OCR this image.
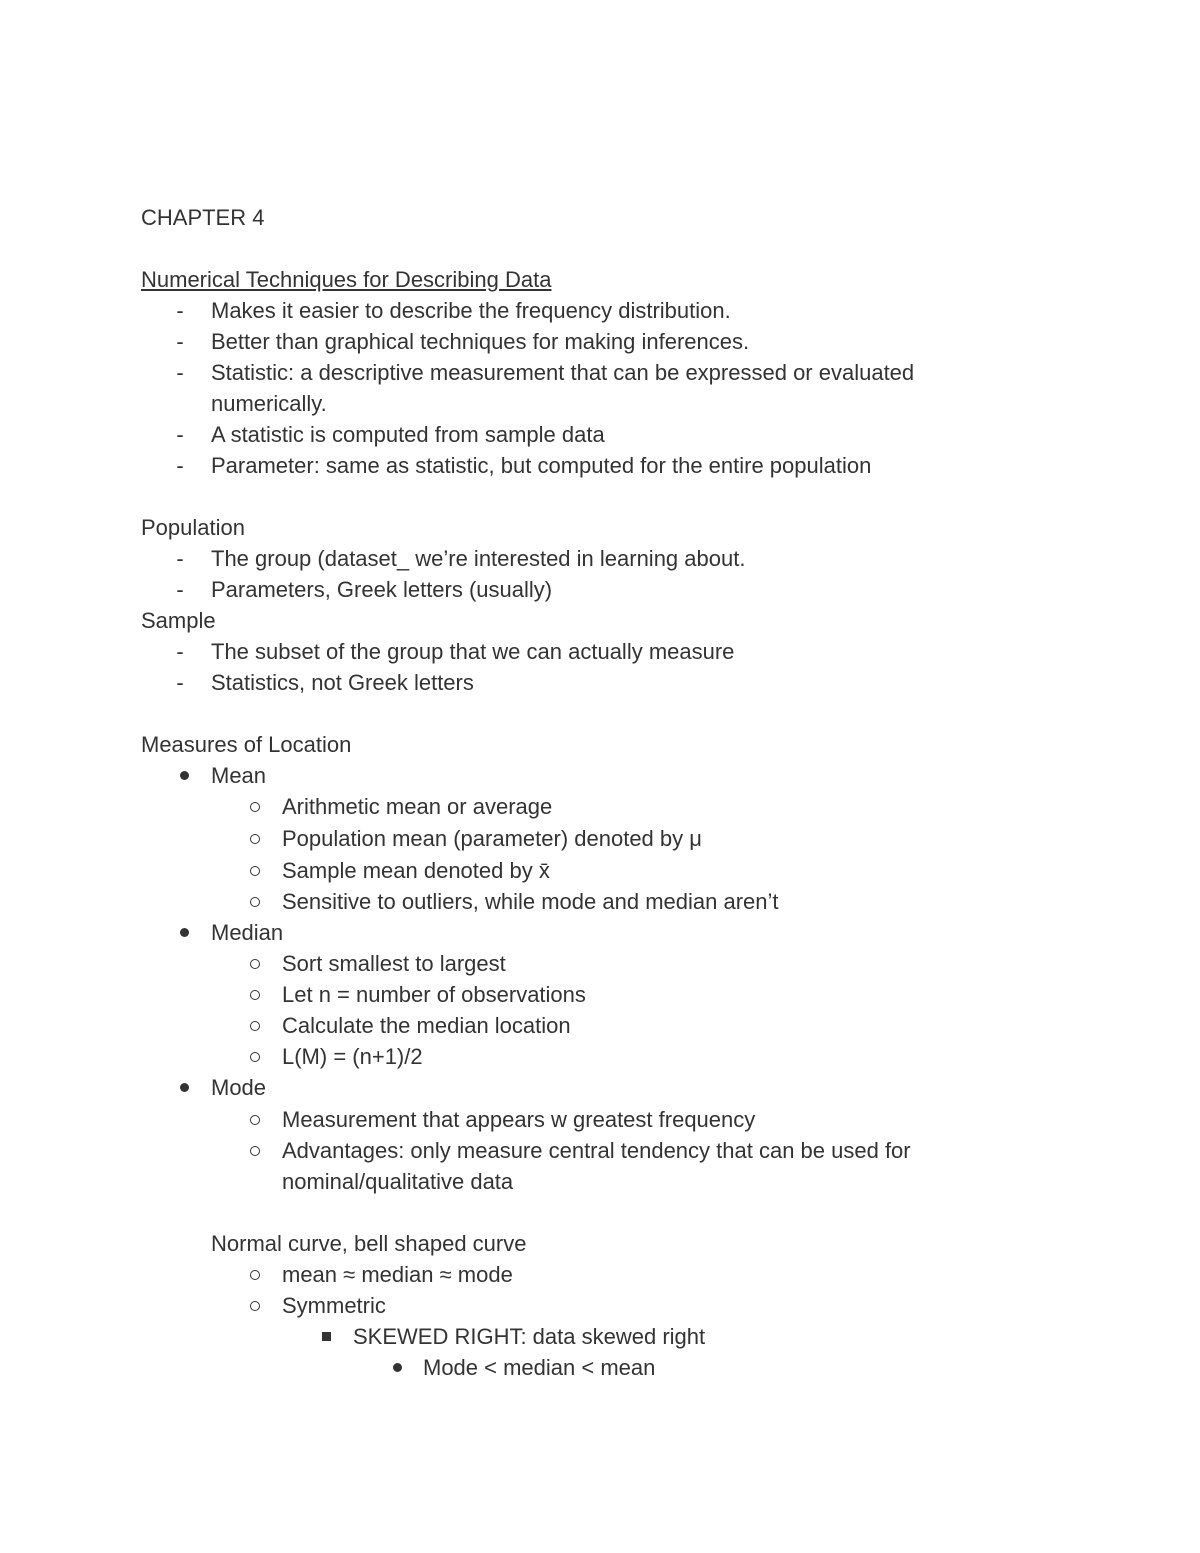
CHAPTER 4
Numerical Techniques for Describing Data
- Makes it easier to describe the frequency distribution.
- Better than graphical techniques for making inferences.
- Statistic: a descriptive measurement that can be expressed or evaluated
numerically.
- A statistic is computed from sample data
- Parameter: same as statistic, but computed for the entire population
Population
- The group (dataset_ we’re interested in learning about.
- Parameters, Greek letters (usually)
Sample
- The subset of the group that we can actually measure
- Statistics, not Greek letters
Measures of Location
Mean
Arithmetic mean or average
Population mean (parameter) denoted by μ
Sample mean denoted by x̄
Sensitive to outliers, while mode and median aren’t
Median
Sort smallest to largest
Let n = number of observations
Calculate the median location
L(M) = (n+1)/2
Mode
Measurement that appears w greatest frequency
Advantages: only measure central tendency that can be used for
nominal/qualitative data
Normal curve, bell shaped curve
mean ≈ median ≈ mode
Symmetric
SKEWED RIGHT: data skewed right
Mode < median < mean
